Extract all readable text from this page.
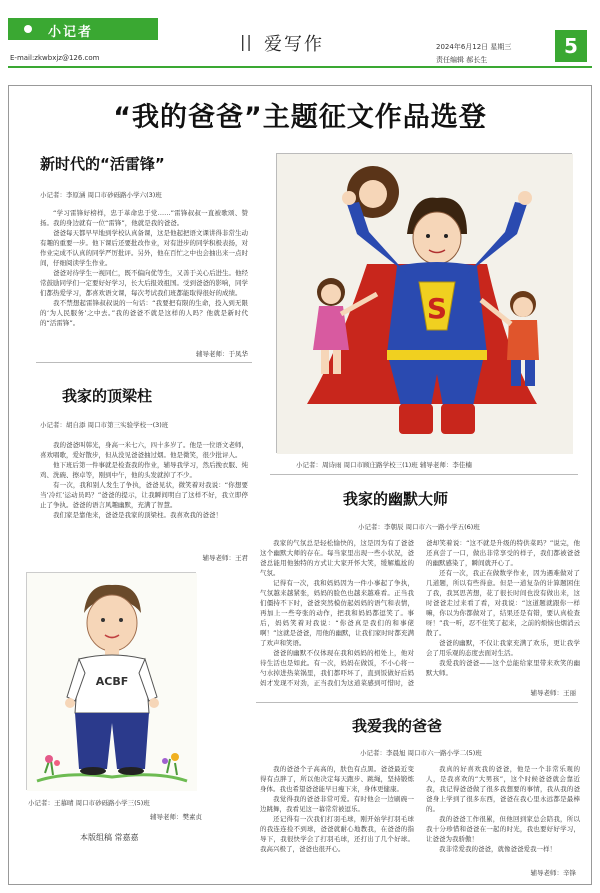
小记者
E-mail:zkwbxjz@126.com
|| 爱写作	2024年6月12日 星期三
责任编辑 郝长生
5
“我的爸爸”主题征文作品选登
新时代的“活雷锋”
小记者：李原涵 周口市砂砾路小学六(3)班

“学习雷锋好榜样，忠于革命忠于党……”雷锋叔叔一直被歌颂、赞扬。我的身边就有一位“雷锋”，他就是我的爸爸。

爸爸每天都早早地到学校认真备课，这是他起把语文课讲得非常生动有趣的重要一步。他下课后还要批改作业，对有进步的同学积极表扬，对作业完成不认真的同学严厉批评。另外，他在百忙之中也会抽出来一点时间，仔细阅读学生作业。

爸爸对待学生一视同仁，既不偏向优等生，又善于关心后进生。他经常鼓励同学们一定要好好学习，长大后报效祖国。受到爸爸的影响，同学们都热爱学习，都喜欢语文课，每次考试我们班都能取得很好的成绩。

我不禁想起雷锋叔叔说的一句话：“我要把有限的生命，投入到无限的‘为人民服务’之中去。”我的爸爸不就是这样的人吗？他就是新时代的“活雷锋”。

辅导老师：于凤华
我家的顶梁柱
小记者：胡自添 周口市第三实验学校一(3)班

我的爸爸叫韩光，身高一米七六，四十多岁了。他是一位语文老师，喜欢唱歌，爱好散步，但从没见爸爸抽过烟。他是微笑，很少批评人。

他下班后第一件事就是检查我的作业，辅导我学习，然后挽衣服、炖鸡、洗碗、擦卓等，刚到中午，他的头发就掉了不少。

有一次，我和别人发生了争执，爸爸见状，微笑着对我说：“你想要当‘冷红’运动员吗？”爸爸的提示，让我瞬间明白了这样不好，我立即停止了争执。爸爸的语言风趣幽默，充满了智慧。

我们家是靠他来，爸爸是我家的顶梁柱。我喜欢我的爸爸！

辅导老师：王君
ACBF
小记者：王慕晴 周口市砂砾路小学三(5)班
辅导老师：樊素贞
本版组稿 常嘉嘉
S
小记者：周诗雨 周口市顾庄路学校三(1)班 辅导老师：李佳楠
我家的幽默大师
小记者：李朝辰 周口市六一路小学五(6)班

我家的气氛总是轻松愉快的，这是因为有了爸爸这个幽默大师的存在。每当家里出现一些小状况，爸爸总能用他独特的方式让大家开怀大笑，缓解尴尬的气氛。

记得有一次，我和妈妈因为一件小事起了争执，气氛越来越紧张，妈妈的脸色也越来越难看。正当我们僵持不下时，爸爸突然模仿起妈妈的语气和表情，再加上一些夸张的动作，把我和妈妈都逗笑了。事后，妈妈笑着对我说：“你爸真是我们的和事佬啊！”这就是爸爸，用他的幽默，让我们家时时都充满了欢声和笑语。

爸爸的幽默不仅体现在我和妈妈的相处上，他对待生活也是如此。有一次，妈妈在做饭，不小心将一勺水掉进热菜锅里，我们都吓坏了，直到饭做好后妈妈才发现不对劲，正当我们为这道菜感到可惜时，爸爸却笑着说：“这不就是升级的特供菜吗？”说完，他还真尝了一口，做出非常享受的样子，我们都被爸爸的幽默感染了，瞬间就开心了。

还有一次，我正在做数学作业，因为遇难做对了几道题，所以有些得意。但是一道复杂的计算题困住了我，我冥思苦想，花了很长时间也没有做出来，这时爸爸走过来看了看，对我说：“这道题就跟你一样嘛，你以为你都做对了，结果还是有错，要认真检查呀！”我一听，忍不住笑了起来，之前的烦恼也烟消云散了。

爸爸的幽默，不仅让我家充满了欢乐，更让我学会了用乐观的态度去面对生活。

我爱我的爸爸——这个总能给家里带来欢笑的幽默大师。

辅导老师：王丽
我爱我的爸爸
小记者：李晨旭 周口市六一路小学二(5)班

我的爸爸个子高高的，肤色有点黑。爸爸最近变得有点胖了，所以他决定每天跑步、跳绳，坚持锻炼身体。我也希望爸爸能早日瘦下来，身体更健康。

我觉得我的爸爸非常可爱。有时他会一边刷碗一边跳舞，我看见这一幕常常被逗乐。

还记得有一次我们打羽毛球，刚开始学打羽毛球的我连连捡不到球，爸爸就耐心地教我，在爸爸的指导下，我很快学会了打羽毛球，还打出了几个好球。我高兴极了，爸爸也很开心。

我真的好喜欢我的爸爸，他是一个非常乐观的人，是我喜欢的“大男孩”，这个时候爸爸就会靠近我，我记得爸爸做了很多我想要的事情，我从我的爸爸身上学到了很多东西，爸爸在我心里永远都是最棒的。

我的爸爸工作很累，但他回到家总会陪我，所以我十分珍惜和爸爸在一起的时光，我也要好好学习，让爸爸为我骄傲！

我非常爱我的爸爸，就像爸爸爱我一样！

辅导老师：辛锋
